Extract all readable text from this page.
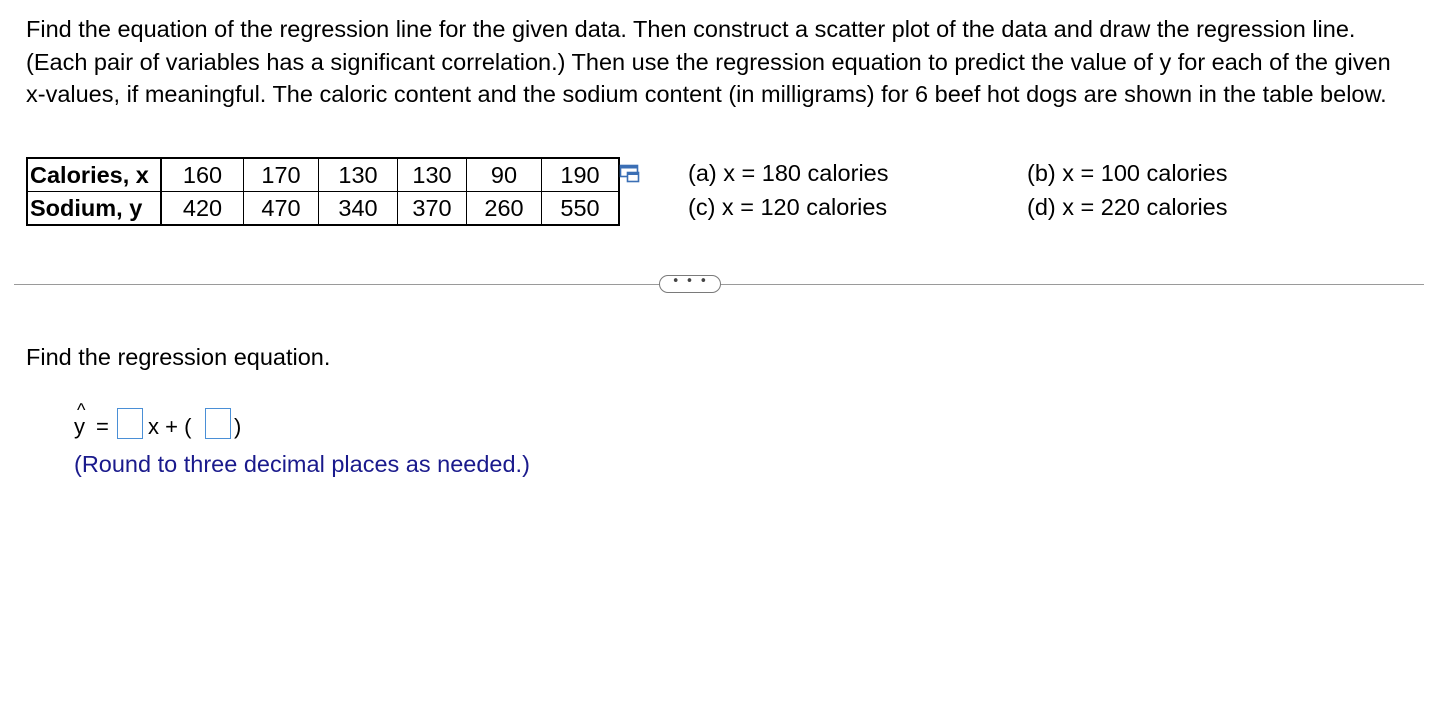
Find the equation of the regression line for the given data. Then construct a scatter plot of the data and draw the regression line. (Each pair of variables has a significant correlation.) Then use the regression equation to predict the value of y for each of the given x-values, if meaningful. The caloric content and the sodium content (in milligrams) for 6 beef hot dogs are shown in the table below.

Calories, x	160	170	130	130	90	190
Sodium, y	420	470	340	370	260	550
(a) x = 180 calories
(c) x = 120 calories
(b) x = 100 calories
(d) x = 220 calories
• • •

Find the regression equation.

^
y = x + ( )

(Round to three decimal places as needed.)
